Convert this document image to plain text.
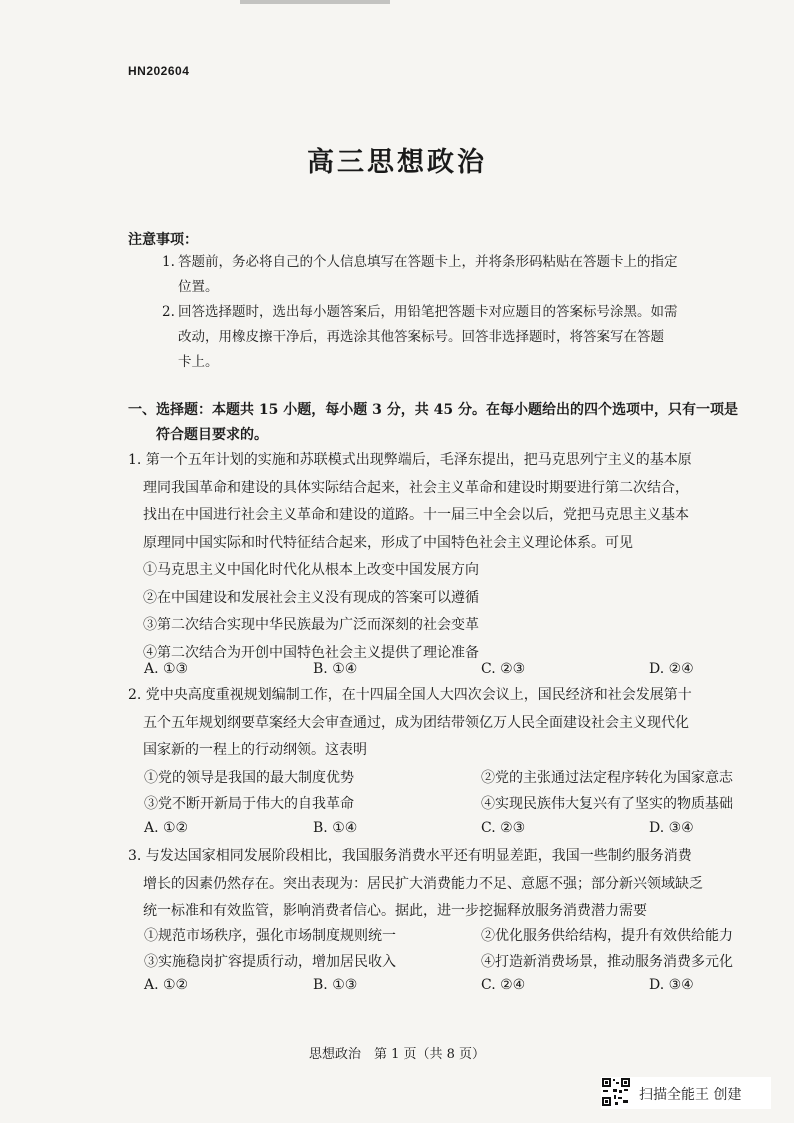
HN202604
高三思想政治
注意事项：
1. 答题前，务必将自己的个人信息填写在答题卡上，并将条形码粘贴在答题卡上的指定
位置。
2. 回答选择题时，选出每小题答案后，用铅笔把答题卡对应题目的答案标号涂黑。如需
改动，用橡皮擦干净后，再选涂其他答案标号。回答非选择题时，将答案写在答题
卡上。
一、选择题：本题共 15 小题，每小题 3 分，共 45 分。在每小题给出的四个选项中，只有一项是
符合题目要求的。
1. 第一个五年计划的实施和苏联模式出现弊端后，毛泽东提出，把马克思列宁主义的基本原
理同我国革命和建设的具体实际结合起来，社会主义革命和建设时期要进行第二次结合，
找出在中国进行社会主义革命和建设的道路。十一届三中全会以后，党把马克思主义基本
原理同中国实际和时代特征结合起来，形成了中国特色社会主义理论体系。可见
①马克思主义中国化时代化从根本上改变中国发展方向
②在中国建设和发展社会主义没有现成的答案可以遵循
③第二次结合实现中华民族最为广泛而深刻的社会变革
④第二次结合为开创中国特色社会主义提供了理论准备
A. ①③	B. ①④	C. ②③	D. ②④
2. 党中央高度重视规划编制工作，在十四届全国人大四次会议上，国民经济和社会发展第十
五个五年规划纲要草案经大会审查通过，成为团结带领亿万人民全面建设社会主义现代化
国家新的一程上的行动纲领。这表明
①党的领导是我国的最大制度优势	②党的主张通过法定程序转化为国家意志
③党不断开新局于伟大的自我革命	④实现民族伟大复兴有了坚实的物质基础
A. ①②	B. ①④	C. ②③	D. ③④
3. 与发达国家相同发展阶段相比，我国服务消费水平还有明显差距，我国一些制约服务消费
增长的因素仍然存在。突出表现为：居民扩大消费能力不足、意愿不强；部分新兴领域缺乏
统一标准和有效监管，影响消费者信心。据此，进一步挖掘释放服务消费潜力需要
①规范市场秩序，强化市场制度规则统一	②优化服务供给结构，提升有效供给能力
③实施稳岗扩容提质行动，增加居民收入	④打造新消费场景，推动服务消费多元化
A. ①②	B. ①③	C. ②④	D. ③④
思想政治　第 1 页（共 8 页）
扫描全能王 创建
